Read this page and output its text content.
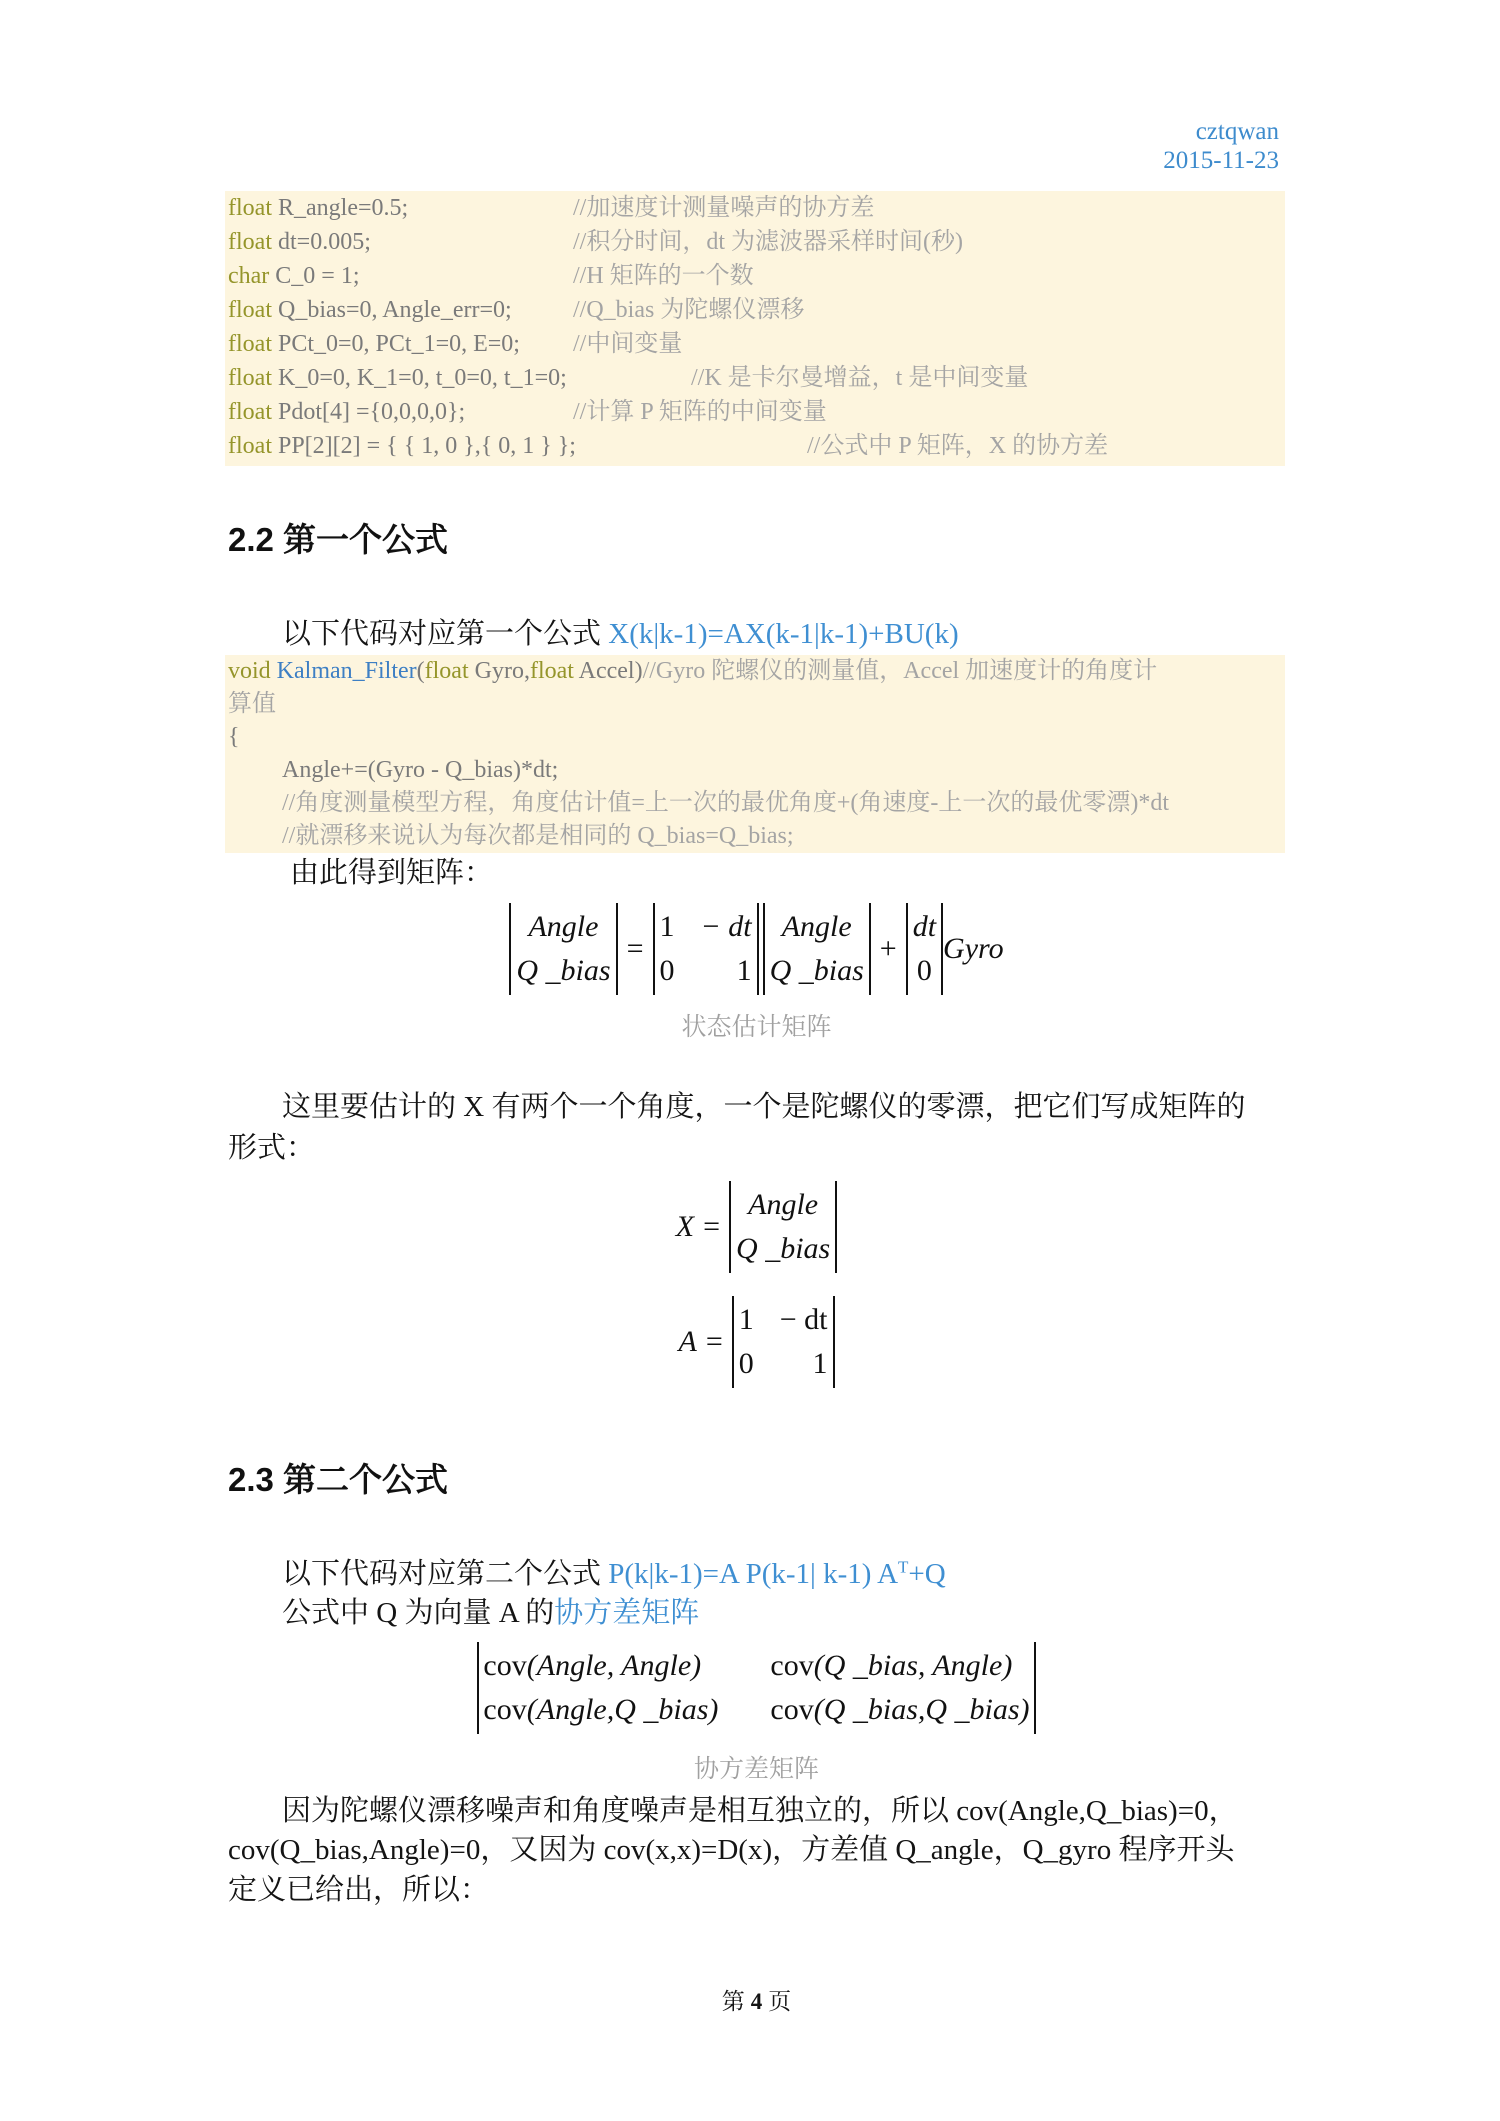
cztqwan
2015-11-23
float R_angle=0.5;	//加速度计测量噪声的协方差
float dt=0.005;	//积分时间，dt 为滤波器采样时间(秒)
char C_0 = 1;	//H 矩阵的一个数
float Q_bias=0, Angle_err=0;	//Q_bias 为陀螺仪漂移
float PCt_0=0, PCt_1=0, E=0; //中间变量
float K_0=0, K_1=0, t_0=0, t_1=0;	//K 是卡尔曼增益，t 是中间变量
float Pdot[4] ={0,0,0,0};	//计算 P 矩阵的中间变量
float PP[2][2] = { { 1, 0 },{ 0, 1 } };	//公式中 P 矩阵，X 的协方差
2.2 第一个公式
以下代码对应第一个公式 X(k|k-1)=AX(k-1|k-1)+BU(k)
void Kalman_Filter(float Gyro,float Accel)//Gyro 陀螺仪的测量值，Accel 加速度计的角度计
算值
{
Angle+=(Gyro - Q_bias)*dt;
//角度测量模型方程，角度估计值=上一次的最优角度+(角速度-上一次的最优零漂)*dt
//就漂移来说认为每次都是相同的 Q_bias=Q_bias;
由此得到矩阵：
Angle
Q _bias
=
1 − dt
0	1
Angle
Q _bias
+
dt
0
Gyro
状态估计矩阵
这里要估计的 X 有两个一个角度，一个是陀螺仪的零漂，把它们写成矩阵的
形式：
X =
Angle
Q _bias
A =
1 − dt
0	1
2.3 第二个公式
以下代码对应第二个公式 P(k|k-1)=A P(k-1| k-1) $A^T+Q$
公式中 Q 为向量 A 的协方差矩阵
cov(Angle, Angle)	cov(Q _bias, Angle)
cov(Angle,Q _bias) cov(Q _bias,Q _bias)
协方差矩阵
因为陀螺仪漂移噪声和角度噪声是相互独立的，所以 cov(Angle,Q_bias)=0，
cov(Q_bias,Angle)=0，又因为 cov(x,x)=D(x)，方差值 Q_angle，Q_gyro 程序开头
定义已给出，所以：
第 4 页
